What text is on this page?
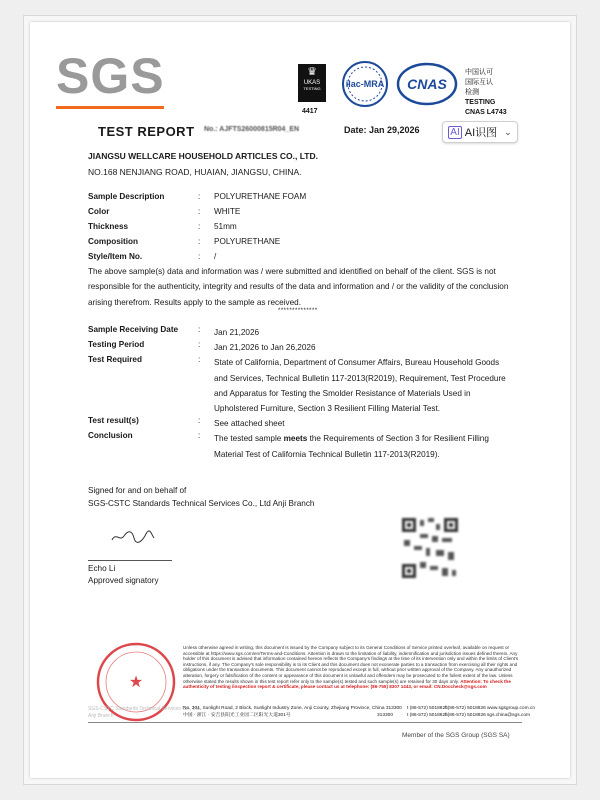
SGS	♛
UKAS
TESTING
4417
ilac-MRA CNAS
中国认可
国际互认
检测
TESTING
CNAS L4743
TEST REPORT No.: AJFTS26000815R04_EN	Date: Jan 29,2026	AI AI识图 ⌄
JIANGSU WELLCARE HOUSEHOLD ARTICLES CO., LTD.
NO.168 NENJIANG ROAD, HUAIAN, JIANGSU, CHINA.
Sample Description	: POLYURETHANE FOAM
Color	: WHITE
Thickness	: 51mm
Composition	: POLYURETHANE
Style/Item No.	: /
The above sample(s) data and information was / were submitted and identified on behalf of the client. SGS is not responsible for the authenticity, integrity and results of the data and information and / or the validity of the conclusion arising therefrom. Results apply to the sample as received.
**************
Sample Receiving Date : Jan 21,2026
Testing Period	: Jan 21,2026 to Jan 26,2026
Test Required	: State of California, Department of Consumer Affairs, Bureau Household Goods and Services, Technical Bulletin 117-2013(R2019), Requirement, Test Procedure and Apparatus for Testing the Smolder Resistance of Materials Used in Upholstered Furniture, Section 3 Resilient Filling Material Test.
Test result(s)	: See attached sheet
Conclusion	: The tested sample meets the Requirements of Section 3 for Resilient Filling Material Test of California Technical Bulletin 117-2013(R2019).
Signed for and on behalf of
SGS-CSTC Standards Technical Services Co., Ltd Anji Branch
Echo Li
Approved signatory
★
SGS-CSTC Standards Technical Services Co., Ltd.
Anji Branch
Unless otherwise agreed in writing, this document is issued by the Company subject to its General Conditions of Service printed overleaf, available on request or accessible at https://www.sgs.com/en/Terms-and-Conditions. Attention is drawn to the limitation of liability, indemnification and jurisdiction issues defined therein. Any holder of this document is advised that information contained hereon reflects the Company's findings at the time of its intervention only and within the limits of Client's instructions, if any. The Company's sole responsibility is to its Client and this document does not exonerate parties to a transaction from exercising all their rights and obligations under the transaction documents. This document cannot be reproduced except in full, without prior written approval of the Company. Any unauthorized alteration, forgery or falsification of the content or appearance of this document is unlawful and offenders may be prosecuted to the fullest extent of the law. Unless otherwise stated the results shown in this test report refer only to the sample(s) tested and such sample(s) are retained for 30 days only. Attention: To check the authenticity of testing /inspection report & certificate, please contact us at telephone: (86-755) 8307 1443, or email: CN.Doccheck@sgs.com
No. 301, Sunlight Road, 2 Block, Sunlight Industry Zone, Anji County, Zhejiang Province, China 313300 t (86-572) 5018825
f (86-572) 5018826 www.sgsgroup.com.cn
中国 · 浙江 · 安吉县阳光工业园二区阳光大道301号	313300	t (86-572) 5018825
f (86-572) 5018826 sgs.china@sgs.com
Member of the SGS Group (SGS SA)
